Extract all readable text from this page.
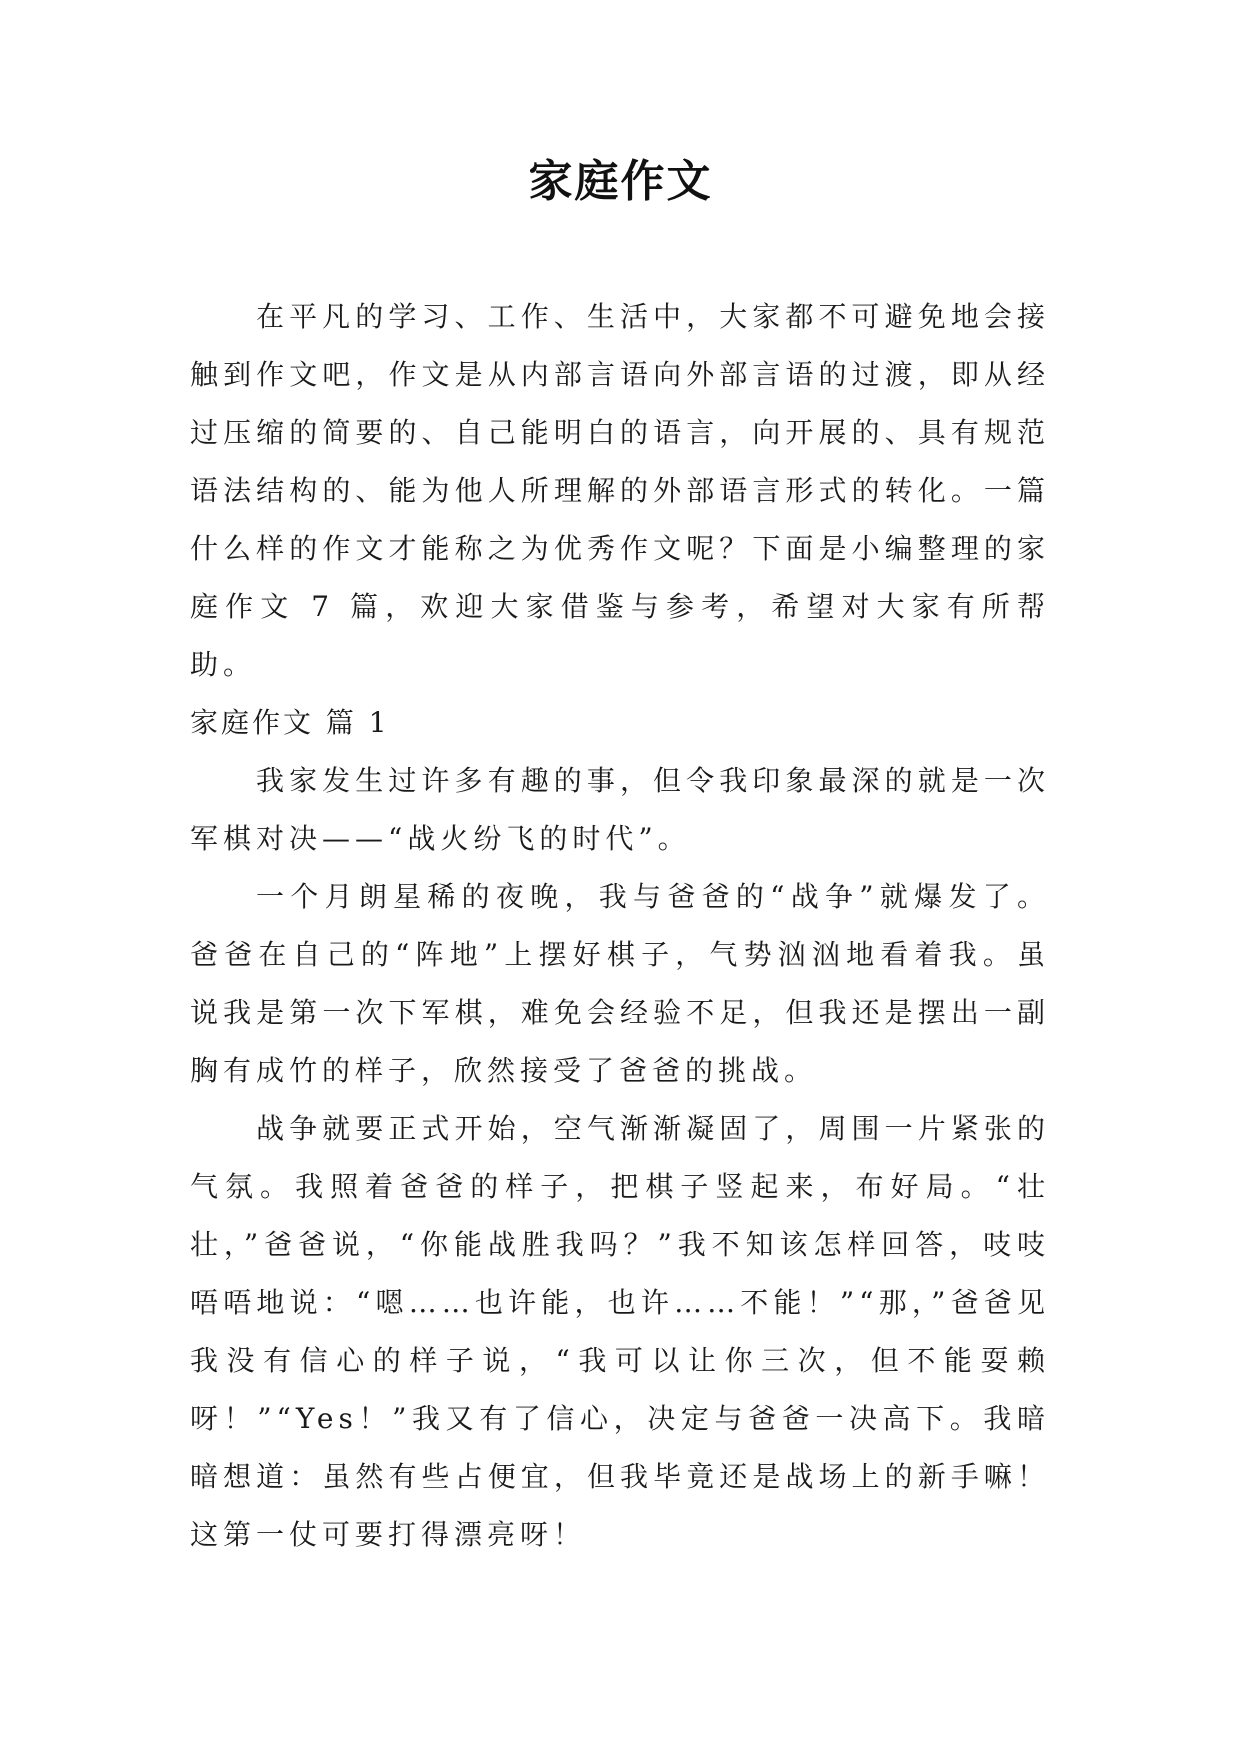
家庭作文

在平凡的学习、工作、生活中，大家都不可避免地会接触到作文吧，作文是从内部言语向外部言语的过渡，即从经过压缩的简要的、自己能明白的语言，向开展的、具有规范语法结构的、能为他人所理解的外部语言形式的转化。一篇什么样的作文才能称之为优秀作文呢？下面是小编整理的家庭作文 7 篇，欢迎大家借鉴与参考，希望对大家有所帮助。

家庭作文 篇 1

我家发生过许多有趣的事，但令我印象最深的就是一次军棋对决——“战火纷飞的时代”。

一个月朗星稀的夜晚，我与爸爸的“战争”就爆发了。爸爸在自己的“阵地”上摆好棋子，气势汹汹地看着我。虽说我是第一次下军棋，难免会经验不足，但我还是摆出一副胸有成竹的样子，欣然接受了爸爸的挑战。

战争就要正式开始，空气渐渐凝固了，周围一片紧张的气氛。我照着爸爸的样子，把棋子竖起来，布好局。“壮壮，”爸爸说，“你能战胜我吗？”我不知该怎样回答，吱吱唔唔地说：“嗯……也许能，也许……不能！”“那，”爸爸见我没有信心的样子说，“我可以让你三次，但不能耍赖呀！”“Yes！”我又有了信心，决定与爸爸一决高下。我暗暗想道：虽然有些占便宜，但我毕竟还是战场上的新手嘛！这第一仗可要打得漂亮呀！
